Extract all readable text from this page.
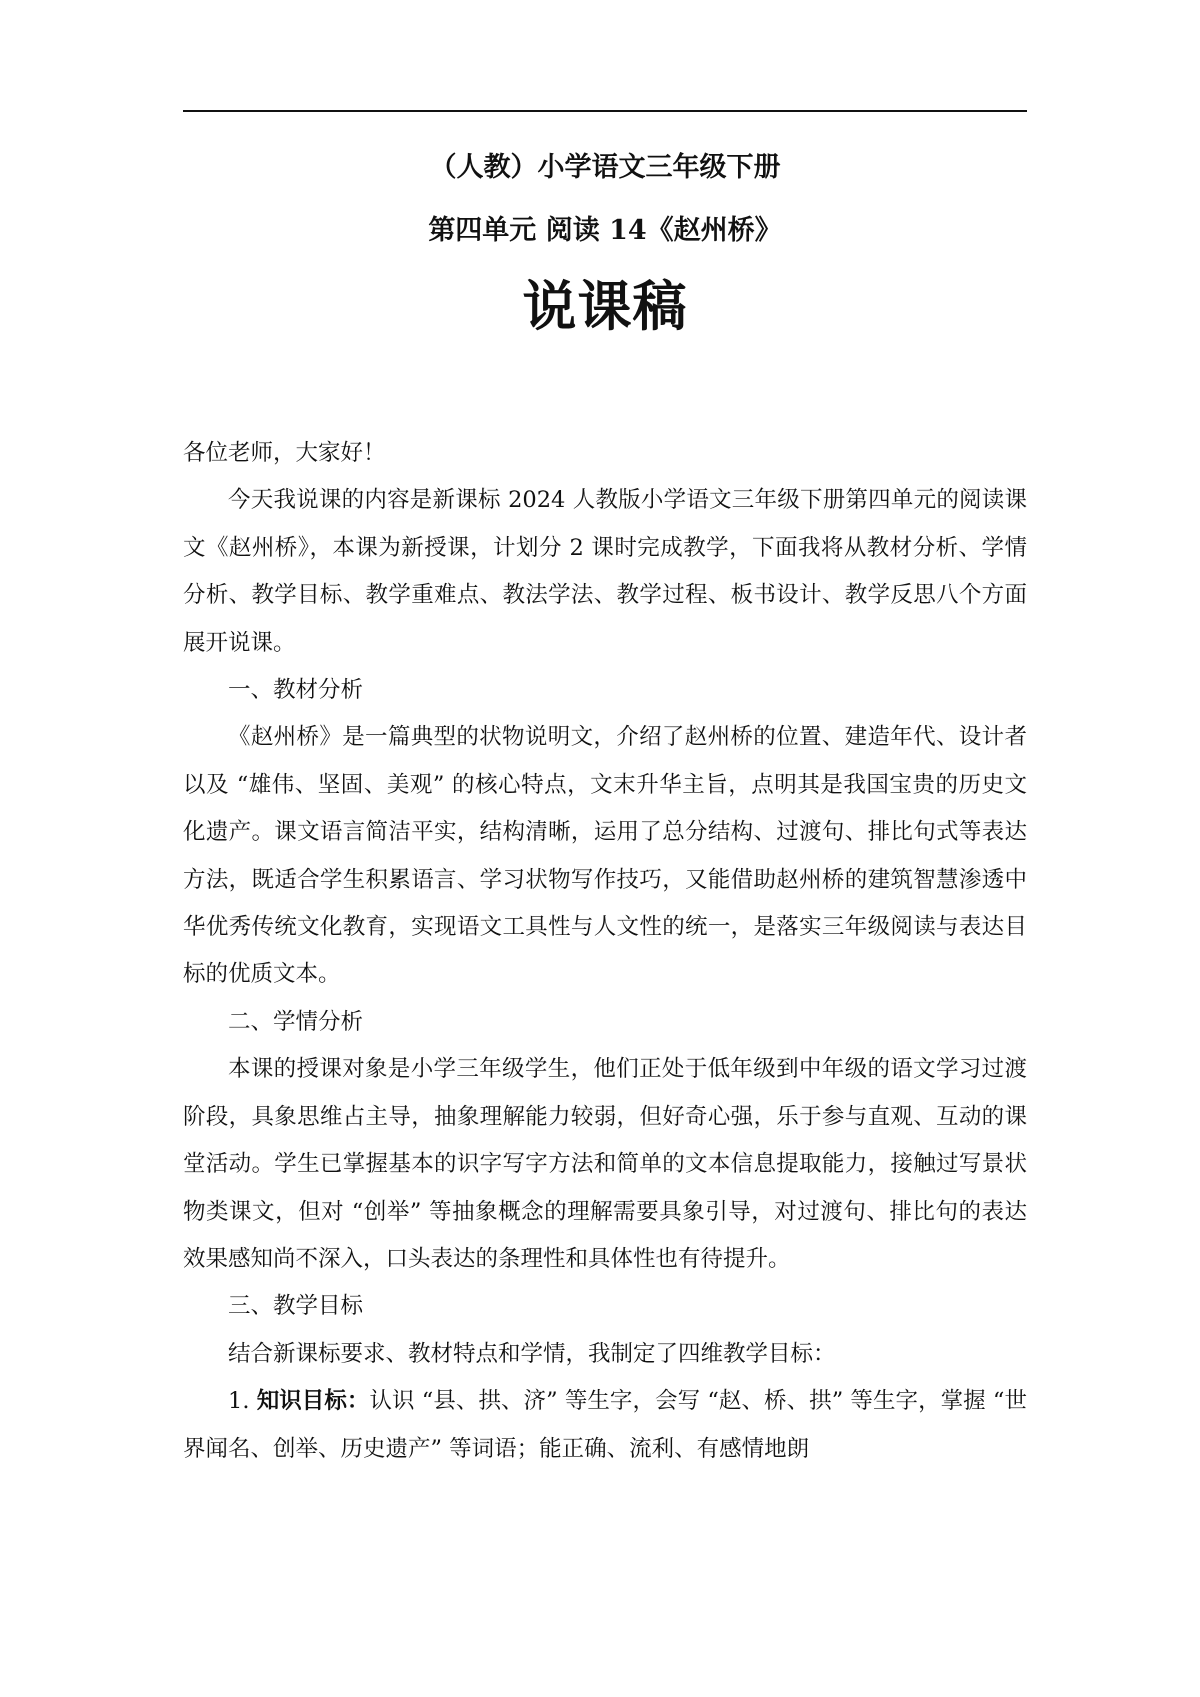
（人教）小学语文三年级下册
第四单元 阅读 14《赵州桥》
说课稿

各位老师，大家好！

今天我说课的内容是新课标 2024 人教版小学语文三年级下册第四单元的阅读课文《赵州桥》，本课为新授课，计划分 2 课时完成教学，下面我将从教材分析、学情分析、教学目标、教学重难点、教法学法、教学过程、板书设计、教学反思八个方面展开说课。

一、教材分析

《赵州桥》是一篇典型的状物说明文，介绍了赵州桥的位置、建造年代、设计者以及 “雄伟、坚固、美观” 的核心特点，文末升华主旨，点明其是我国宝贵的历史文化遗产。课文语言简洁平实，结构清晰，运用了总分结构、过渡句、排比句式等表达方法，既适合学生积累语言、学习状物写作技巧，又能借助赵州桥的建筑智慧渗透中华优秀传统文化教育，实现语文工具性与人文性的统一，是落实三年级阅读与表达目标的优质文本。

二、学情分析

本课的授课对象是小学三年级学生，他们正处于低年级到中年级的语文学习过渡阶段，具象思维占主导，抽象理解能力较弱，但好奇心强，乐于参与直观、互动的课堂活动。学生已掌握基本的识字写字方法和简单的文本信息提取能力，接触过写景状物类课文，但对 “创举” 等抽象概念的理解需要具象引导，对过渡句、排比句的表达效果感知尚不深入，口头表达的条理性和具体性也有待提升。

三、教学目标

结合新课标要求、教材特点和学情，我制定了四维教学目标：

1. 知识目标：认识 “县、拱、济” 等生字，会写 “赵、桥、拱” 等生字，掌握 “世界闻名、创举、历史遗产” 等词语；能正确、流利、有感情地朗
